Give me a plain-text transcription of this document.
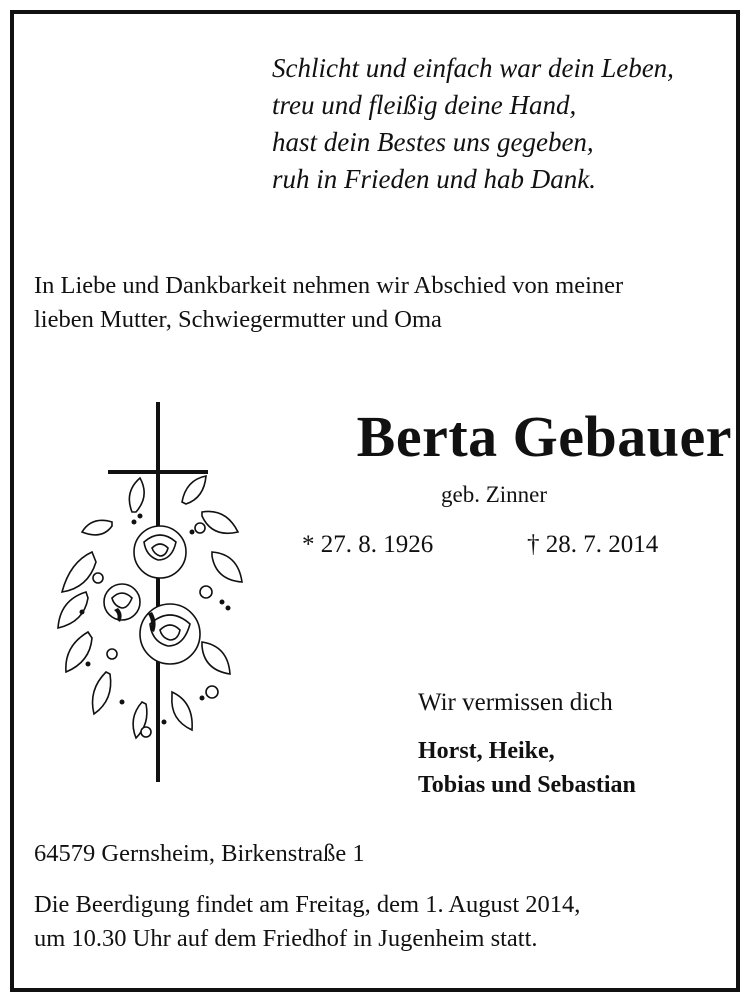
Schlicht und einfach war dein Leben,
treu und fleißig deine Hand,
hast dein Bestes uns gegeben,
ruh in Frieden und hab Dank.
In Liebe und Dankbarkeit nehmen wir Abschied von meiner
lieben Mutter, Schwiegermutter und Oma
Berta Gebauer
geb. Zinner
* 27. 8. 1926	† 28. 7. 2014
Wir vermissen dich
Horst, Heike,
Tobias und Sebastian
64579 Gernsheim, Birkenstraße 1
Die Beerdigung findet am Freitag, dem 1. August 2014,
um 10.30 Uhr auf dem Friedhof in Jugenheim statt.
